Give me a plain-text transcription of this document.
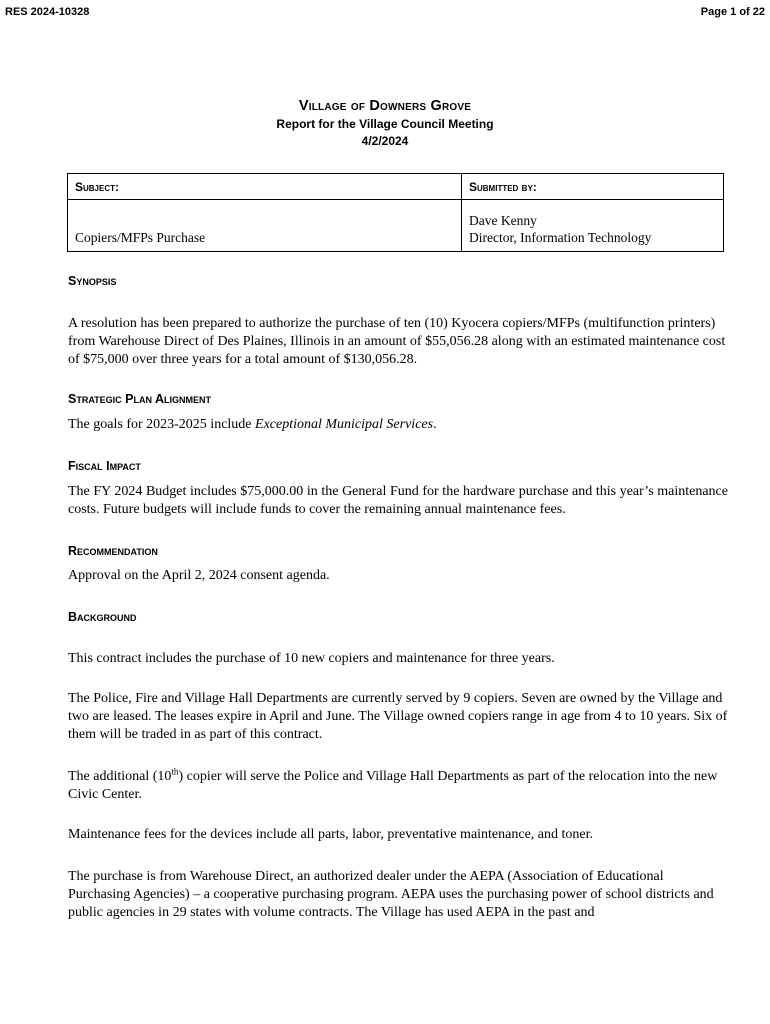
RES 2024-10328	Page 1 of 22
Village of Downers Grove
Report for the Village Council Meeting
4/2/2024
Subject:	Submitted by:
Copiers/MFPs Purchase	Dave Kenny
Director, Information Technology
Synopsis
A resolution has been prepared to authorize the purchase of ten (10) Kyocera copiers/MFPs (multifunction printers) from Warehouse Direct of Des Plaines, Illinois in an amount of $55,056.28 along with an estimated maintenance cost of $75,000 over three years for a total amount of $130,056.28.
Strategic Plan Alignment
The goals for 2023-2025 include Exceptional Municipal Services.
Fiscal Impact
The FY 2024 Budget includes $75,000.00 in the General Fund for the hardware purchase and this year’s maintenance costs. Future budgets will include funds to cover the remaining annual maintenance fees.
Recommendation
Approval on the April 2, 2024 consent agenda.
Background
This contract includes the purchase of 10 new copiers and maintenance for three years.
The Police, Fire and Village Hall Departments are currently served by 9 copiers. Seven are owned by the Village and two are leased. The leases expire in April and June. The Village owned copiers range in age from 4 to 10 years. Six of them will be traded in as part of this contract.
The additional (10th) copier will serve the Police and Village Hall Departments as part of the relocation into the new Civic Center.
Maintenance fees for the devices include all parts, labor, preventative maintenance, and toner.
The purchase is from Warehouse Direct, an authorized dealer under the AEPA (Association of Educational Purchasing Agencies) – a cooperative purchasing program. AEPA uses the purchasing power of school districts and public agencies in 29 states with volume contracts. The Village has used AEPA in the past and
